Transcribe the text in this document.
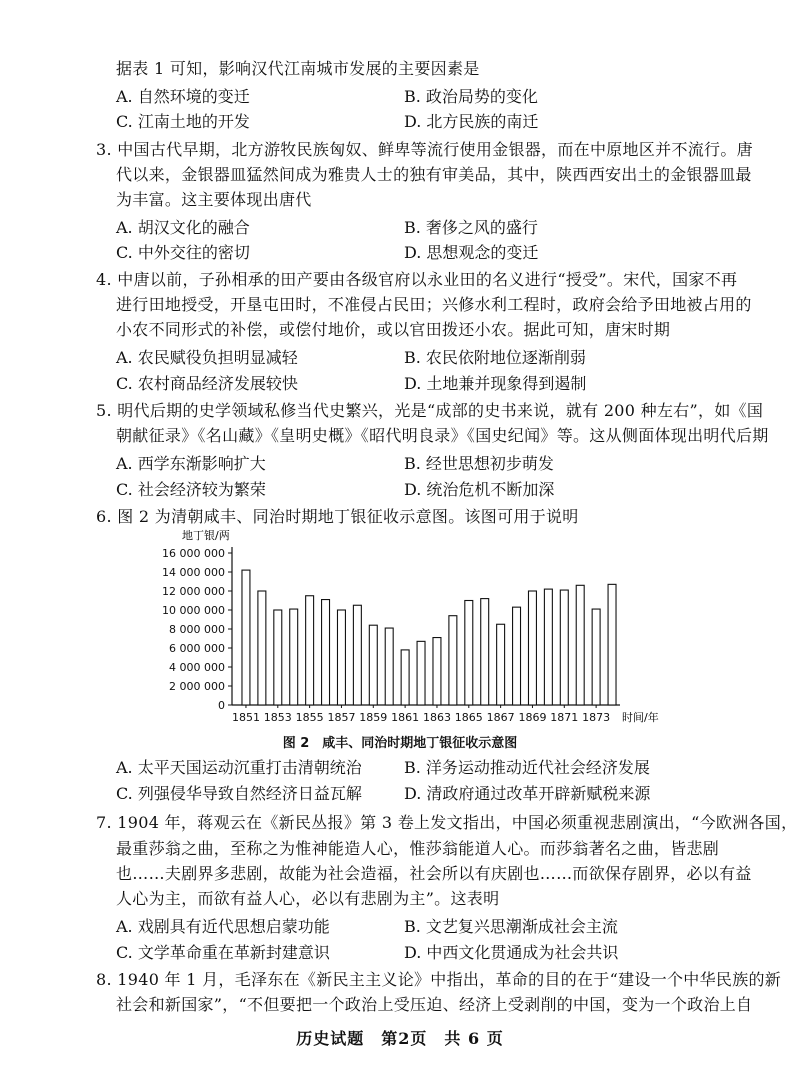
据表 1 可知，影响汉代江南城市发展的主要因素是
A. 自然环境的变迁	B. 政治局势的变化
C. 江南土地的开发	D. 北方民族的南迁
3. 中国古代早期，北方游牧民族匈奴、鲜卑等流行使用金银器，而在中原地区并不流行。唐
代以来，金银器皿猛然间成为雅贵人士的独有审美品，其中，陕西西安出土的金银器皿最
为丰富。这主要体现出唐代
A. 胡汉文化的融合	B. 奢侈之风的盛行
C. 中外交往的密切	D. 思想观念的变迁
4. 中唐以前，子孙相承的田产要由各级官府以永业田的名义进行“授受”。宋代，国家不再
进行田地授受，开垦屯田时，不准侵占民田；兴修水利工程时，政府会给予田地被占用的
小农不同形式的补偿，或偿付地价，或以官田拨还小农。据此可知，唐宋时期
A. 农民赋役负担明显减轻	B. 农民依附地位逐渐削弱
C. 农村商品经济发展较快	D. 土地兼并现象得到遏制
5. 明代后期的史学领域私修当代史繁兴，光是“成部的史书来说，就有 200 种左右”，如《国
朝献征录》《名山藏》《皇明史概》《昭代明良录》《国史纪闻》等。这从侧面体现出明代后期
A. 西学东渐影响扩大	B. 经世思想初步萌发
C. 社会经济较为繁荣	D. 统治危机不断加深
6. 图 2 为清朝咸丰、同治时期地丁银征收示意图。该图可用于说明
0
2 000 000
4 000 000
6 000 000
8 000 000
10 000 000
12 000 000
14 000 000
16 000 000
1851 1853 1855 1857 1859 1861 1863 1865 1867 1869 1871 1873
地丁银/两
时间/年
图 2　咸丰、同治时期地丁银征收示意图
A. 太平天国运动沉重打击清朝统治	B. 洋务运动推动近代社会经济发展
C. 列强侵华导致自然经济日益瓦解	D. 清政府通过改革开辟新赋税来源
7. 1904 年，蒋观云在《新民丛报》第 3 卷上发文指出，中国必须重视悲剧演出，“今欧洲各国，
最重莎翁之曲，至称之为惟神能造人心，惟莎翁能道人心。而莎翁著名之曲，皆悲剧
也……夫剧界多悲剧，故能为社会造福，社会所以有庆剧也……而欲保存剧界，必以有益
人心为主，而欲有益人心，必以有悲剧为主”。这表明
A. 戏剧具有近代思想启蒙功能	B. 文艺复兴思潮渐成社会主流
C. 文学革命重在革新封建意识	D. 中西文化贯通成为社会共识
8. 1940 年 1 月，毛泽东在《新民主主义论》中指出，革命的目的在于“建设一个中华民族的新
社会和新国家”，“不但要把一个政治上受压迫、经济上受剥削的中国，变为一个政治上自
历史试题　第2页　共 6 页
